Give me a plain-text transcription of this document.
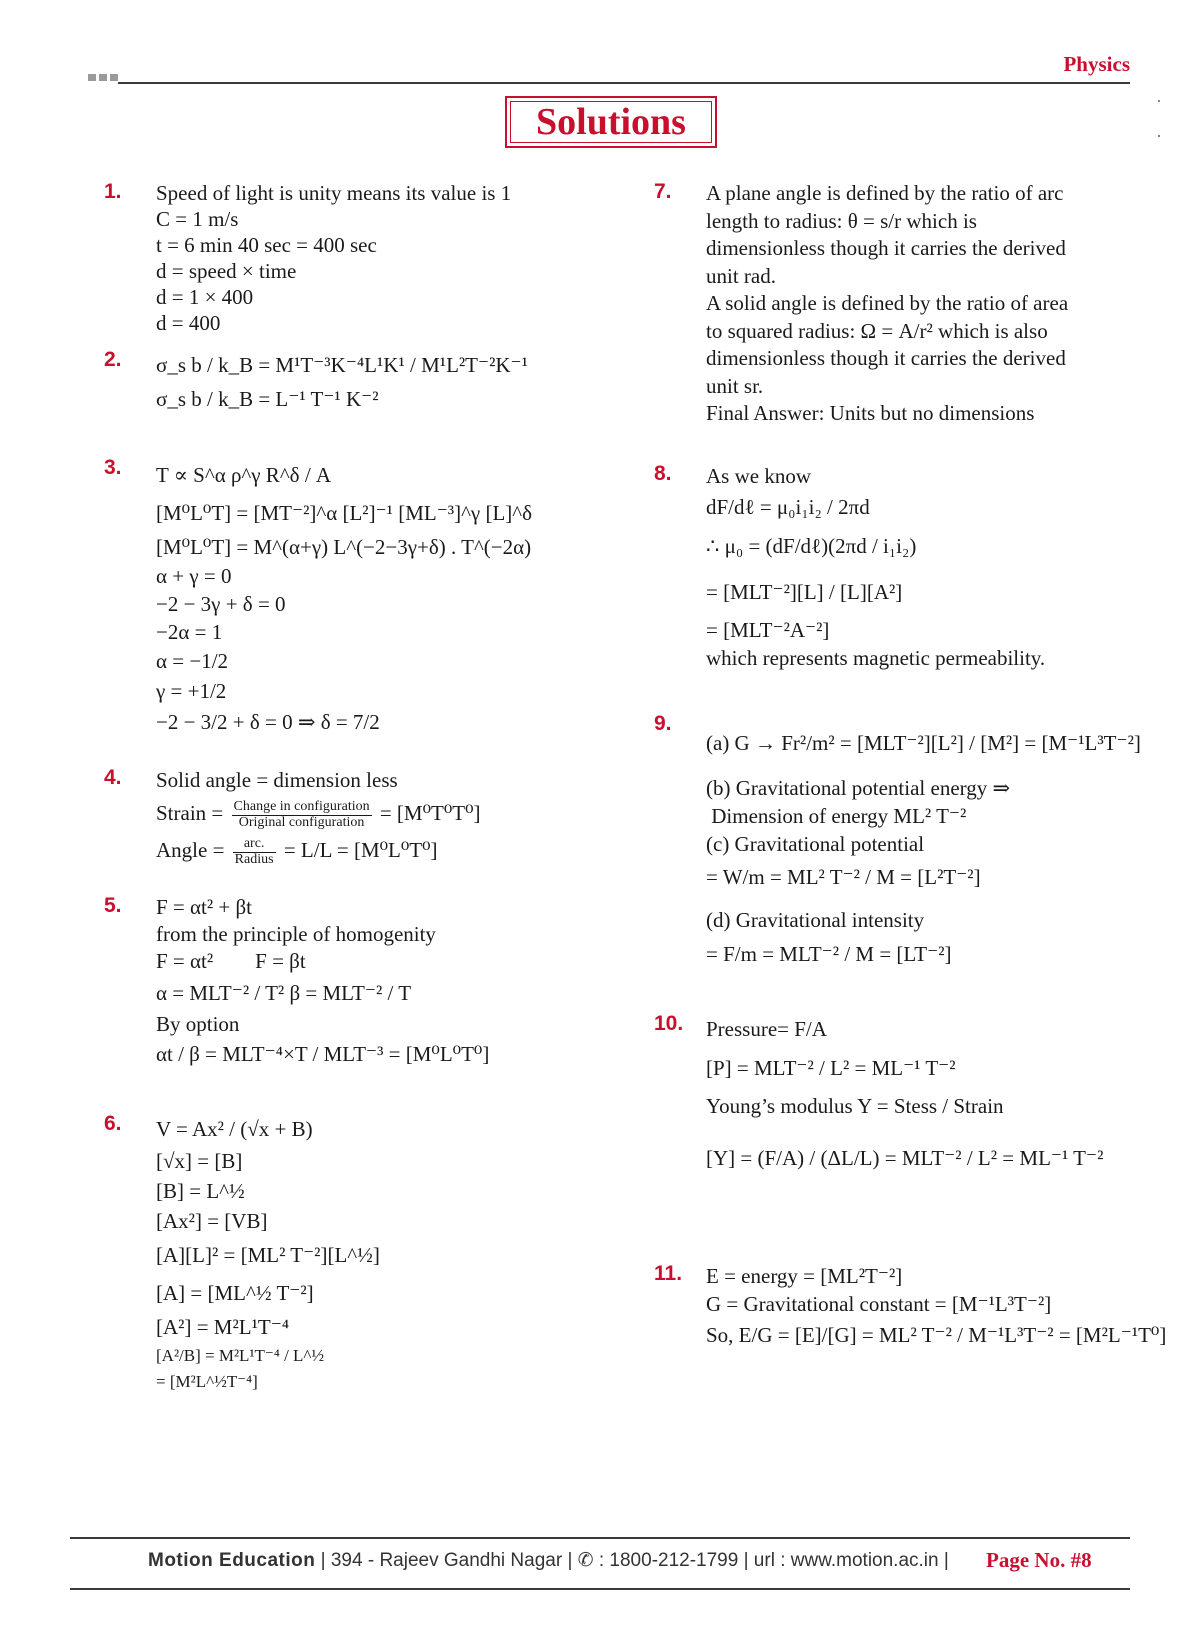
Physics
Solutions
1. Speed of light is unity means its value is 1
C = 1 m/s
t = 6 min 40 sec = 400 sec
d = speed × time
d = 1 × 400
d = 400
2. σ_s b / k_B = M¹T⁻³K⁻⁴L¹K¹ / M¹L²T⁻²K⁻¹
σ_s b / k_B = L⁻¹ T⁻¹ K⁻²
3. T ∝ S^α ρ^γ R^δ / A
[M⁰L⁰T] = [MT⁻²]^α [L²]⁻¹ [ML⁻³]^γ [L]^δ
[M⁰L⁰T] = M^(α+γ) L^(−2−3γ+δ) . T^(−2α)
α + γ = 0
−2 − 3γ + δ = 0
−2α = 1
α = −1/2
γ = +1/2
−2 − 3/2 + δ = 0 ⇒ δ = 7/2
4. Solid angle = dimension less
Strain = $\frac{\text{Change in configuration}}{\text{Original configuration}} = [M^0T^0T^0]$
Angle = $\frac{\text{arc.}}{\text{Radius}} = L/L = [M^0L^0T^0]$
5. F = αt² + βt
from the principle of homogenity
F = αt²        F = βt
α = MLT⁻² / T² β = MLT⁻² / T
By option
αt / β = MLT⁻⁴×T / MLT⁻³ = [M⁰L⁰T⁰]
6. V = Ax² / (√x + B)
[√x] = [B]
[B] = L^½
[Ax²] = [VB]
[A][L]² = [ML² T⁻²][L^½]
[A] = [ML^½ T⁻²]
[A²] = M²L¹T⁻⁴
[A²/B] = M²L¹T⁻⁴ / L^½
= [M²L^½T⁻⁴]
7. A plane angle is defined by the ratio of arc
length to radius: θ = s/r which is
dimensionless though it carries the derived
unit rad.
A solid angle is defined by the ratio of area
to squared radius: Ω = A/r² which is also
dimensionless though it carries the derived
unit sr.
Final Answer: Units but no dimensions
8. As we know
dF/dℓ = μ₀i₁i₂ / 2πd
∴ μ₀ = (dF/dℓ)(2πd / i₁i₂)
= [MLT⁻²][L] / [L][A²]
= [MLT⁻²A⁻²]
which represents magnetic permeability.
9.
(a) G → Fr²/m² = [MLT⁻²][L²] / [M²] = [M⁻¹L³T⁻²]
(b) Gravitational potential energy ⇒
Dimension of energy ML² T⁻²
(c) Gravitational potential
= W/m = ML² T⁻² / M = [L²T⁻²]
(d) Gravitational intensity
= F/m = MLT⁻² / M = [LT⁻²]
10. Pressure= F/A
[P] = MLT⁻² / L² = ML⁻¹ T⁻²
Young’s modulus Y = Stess / Strain
[Y] = (F/A) / (ΔL/L) = MLT⁻² / L² = ML⁻¹ T⁻²
11. E = energy = [ML²T⁻²]
G = Gravitational constant = [M⁻¹L³T⁻²]
So, E/G = [E]/[G] = ML² T⁻² / M⁻¹L³T⁻² = [M²L⁻¹T⁰]
Motion Education | 394 - Rajeev Gandhi Nagar | ✆ : 1800-212-1799 | url : www.motion.ac.in | Page No. #8
